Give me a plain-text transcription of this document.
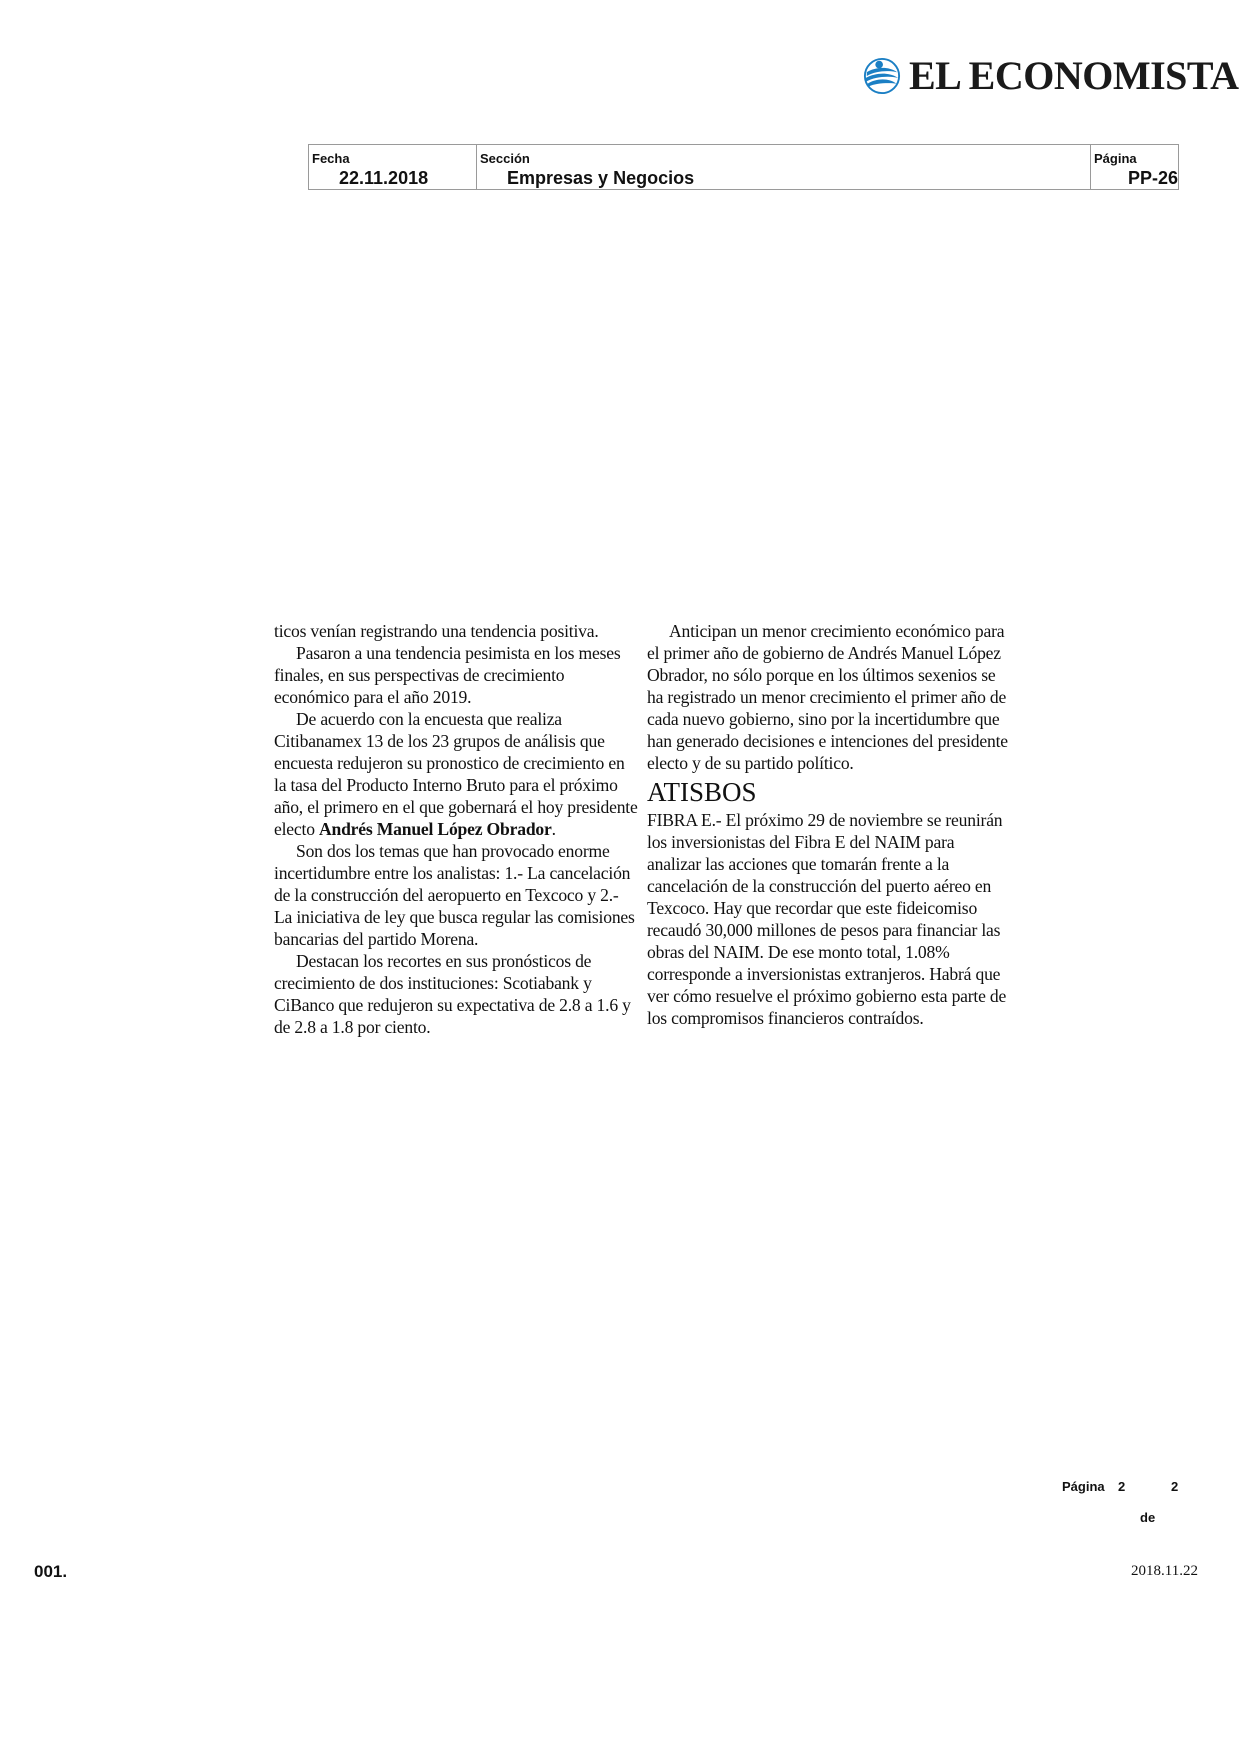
EL ECONOMISTA
Fecha
22.11.2018
Sección
Empresas y Negocios
Página
PP-26

ticos venían registrando una tendencia positiva.

Pasaron a una tendencia pesimista en los meses finales, en sus perspectivas de crecimiento económico para el año 2019.

De acuerdo con la encuesta que realiza Citibanamex 13 de los 23 grupos de análisis que encuesta redujeron su pronostico de crecimiento en la tasa del Producto Interno Bruto para el próximo año, el primero en el que gobernará el hoy presidente electo Andrés Manuel López Obrador.

Son dos los temas que han provocado enorme incertidumbre entre los analistas: 1.- La cancelación de la construcción del aeropuerto en Texcoco y 2.- La iniciativa de ley que busca regular las comisiones bancarias del partido Morena.

Destacan los recortes en sus pronósticos de crecimiento de dos instituciones: Scotiabank y CiBanco que redujeron su expectativa de 2.8 a 1.6 y de 2.8 a 1.8 por ciento.

Anticipan un menor crecimiento económico para el primer año de gobierno de Andrés Manuel López Obrador, no sólo porque en los últimos sexenios se ha registrado un menor crecimiento el primer año de cada nuevo gobierno, sino por la incertidumbre que han generado decisiones e intenciones del presidente electo y de su partido político.

ATISBOS

FIBRA E.- El próximo 29 de noviembre se reunirán los inversionistas del Fibra E del NAIM para analizar las acciones que tomarán frente a la cancelación de la construcción del puerto aéreo en Texcoco. Hay que recordar que este fideicomiso recaudó 30,000 millones de pesos para financiar las obras del NAIM. De ese monto total, 1.08% corresponde a inversionistas extranjeros. Habrá que ver cómo resuelve el próximo gobierno esta parte de los compromisos financieros contraídos.

Página 2	2
de
001.	2018.11.22
